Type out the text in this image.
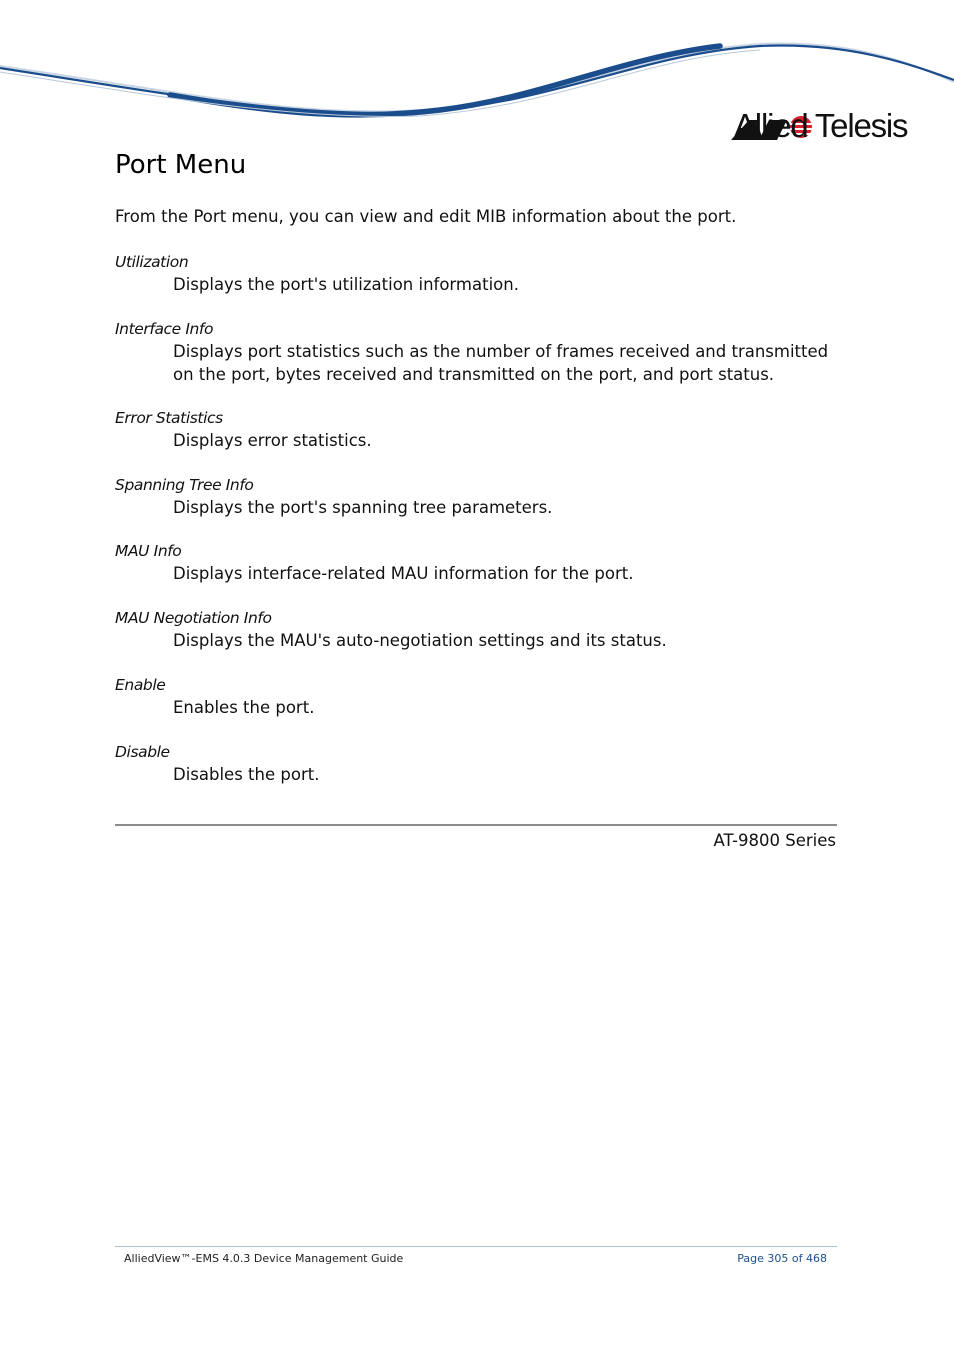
Allied Telesis
Port Menu

From the Port menu, you can view and edit MIB information about the port.

Utilization
Displays the port's utilization information.
Interface Info
Displays port statistics such as the number of frames received and transmitted on the port, bytes received and transmitted on the port, and port status.
Error Statistics
Displays error statistics.
Spanning Tree Info
Displays the port's spanning tree parameters.
MAU Info
Displays interface-related MAU information for the port.
MAU Negotiation Info
Displays the MAU's auto-negotiation settings and its status.
Enable
Enables the port.
Disable
Disables the port.
AT-9800 Series
AlliedView™-EMS 4.0.3 Device Management Guide	Page 305 of 468
